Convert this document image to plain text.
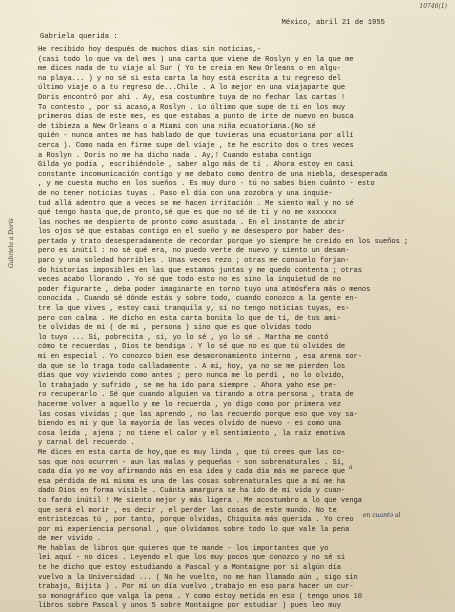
10746(1)
México, abril 21 de 1955
Gabriela querida :
Gabriela a Doris
a
en cuanto al
He recibido hoy después de muchos días sin noticias,-
(casi todo lo que va del mes ) una carta que viene de Roslyn y en la que me
me dices nada de tu viaje al Sur ( Yo te creía en New Orleans o en algu-
na playa... ) y no sé si esta carta la hoy está escrita a tu regreso del
último viaje o a tu regreso de...Chile . A lo mejor en una viajaparte que
Doris encontró por ahí . Ay, esa costumbre tuya de no fechar las cartas !
To contesto , por si acaso,a Roslyn . Lo último que supe de tí en los muy
primeros días de este mes, es que estabas a punto de irte de nuevo en busca
de tibieza a New Orleans o a Miami con una niña ecuatoriana.(No sé
quién - nunca antes me has hablado de que tuvieras una ecuatoriana por allí
cerca ). Como nada en firme supe del viaje , te he escrito dos o tres veces
a Roslyn . Doris no me ha dicho nada . Ay,! Cuando estaba contigo
Gilda yo podía , escribiéndole , saber algo más de tí . Ahora estoy en casi
constante incomunicación contigo y me debato como dentro de una niebla, desesperada
, y me cuesta mucho en los sueños . Es muy duro - tú no sabes bien cuánto - esto
de no tener noticias tuyas . Paso el día con una zozobra y una inquie-
tud allá adentro que a veces se me hacen irritación . Me siento mal y no sé
qué tengo hasta que,de pronto,sé que es que no sé de tí y no me xxxxxxx
las noches me despierto de pronto como asustada . En el instante de abrir
los ojos sé que estabas contigo en el sueño y me desespero por haber des-
pertado y trato desesperadamente de recordar porque yo siempre he creído en los sueños ;
pero es inútil : no sé qué era, no puedo verte de nuevo y siento un desam-
paro y una soledad horribles . Unas veces rezo ; otras me consuelo forjan-
do historias imposibles en las que estamos juntas y me quedo contenta ; otras
veces acabo llorando . Yo sé que todo esto no es sino la inquietud de no
poder figurarte , deba poder imaginarte en torno tuyo una atmósfera más o menos
conocida . Cuando sé dónde estás y sobre todo, cuando conozco a la gente en-
tre la que vives , estoy casi tranquila y, si no tengo noticias tuyas, es-
pero con calma . He dicho en esta carta bonita lo que de tí, de tus ami-
te olvidas de mí ( de mí , persona ) sino que es que olvidas todo
lo tuyo ... Sí, pobrecita , sí, yo lo sé , yo lo sé . Martha me contó
cómo te recuerdas , Dios te bendiga . Y lo sé que no es que tú olvides de
mí en especial . Yo conozco bien ese desmoronamiento interno , esa arena sor-
da que se lo traga todo calladamente . A mí, hoy, ya no se me pierden los
días que voy viviendo como antes ; pero nunca me lo perdí , no lo olvido,
lo trabajado y sufrido , se me ha ido para siempre . Ahora yaho ese pe-
ro recuperarlo . Sé que cuando alguien va tirando a otra persona , trata de
hacerme volver a aquello y me lo recuerda , yo digo como por primera vez
las cosas vividas ; que las aprendo , no las recuerdo porque eso que voy sa-
biendo es mí y que la mayoría de las veces olvido de nuevo - es como una
cosa leída , ajena ; no tiene el calor y el sentimiento , la raíz emotiva
y carnal del recuerdo .
Me dices en esta carta de hoy,que es muy linda , que tú crees que las co-
sas que nos ocurren - aun las malas y pequeñas - son sobrenaturales . Sí,
cada día yo me voy afirmando más en esa idea y cada día más me parece que
esa pérdida de mí misma es una de las cosas sobrenaturales que a mí me ha
dado Dios en forma visible . Cuánta amargura se ha ido de mi vida y cuan-
to fardo inútil ! Me siento mejor y más ligera . Me acostumbro a lo que venga
que será el morir , es decir , el perder las cosas de este mundo. No te
entristezcas tú , por tanto, porque olvidas, Chiquita más querida . Yo creo
por mi experiencia personal , que olvidamos sobre todo lo que vale la pena
de mer vivido .
Me hablas de libros que quieres que te mande - los importantes que yo
lei aquí - no dices . Leyendo el que los muy pocos que conozco y no sé si
te he dicho que estoy estudiando a Pascal y a Montaigne por si algún día
vuelvo a la Universidad ... ( No he vuelto, no me han llamado aún , sigo sin
trabajo, Bijita ) . Por mí un día vuelvo ,trabajo en eso para hacer un cur-
so monográfico que valga la pena . Y como estoy metida en eso ( tengo unos 10
libros sobre Pascal y unos 5 sobre Montaigne por estudiar ) pues leo muy
